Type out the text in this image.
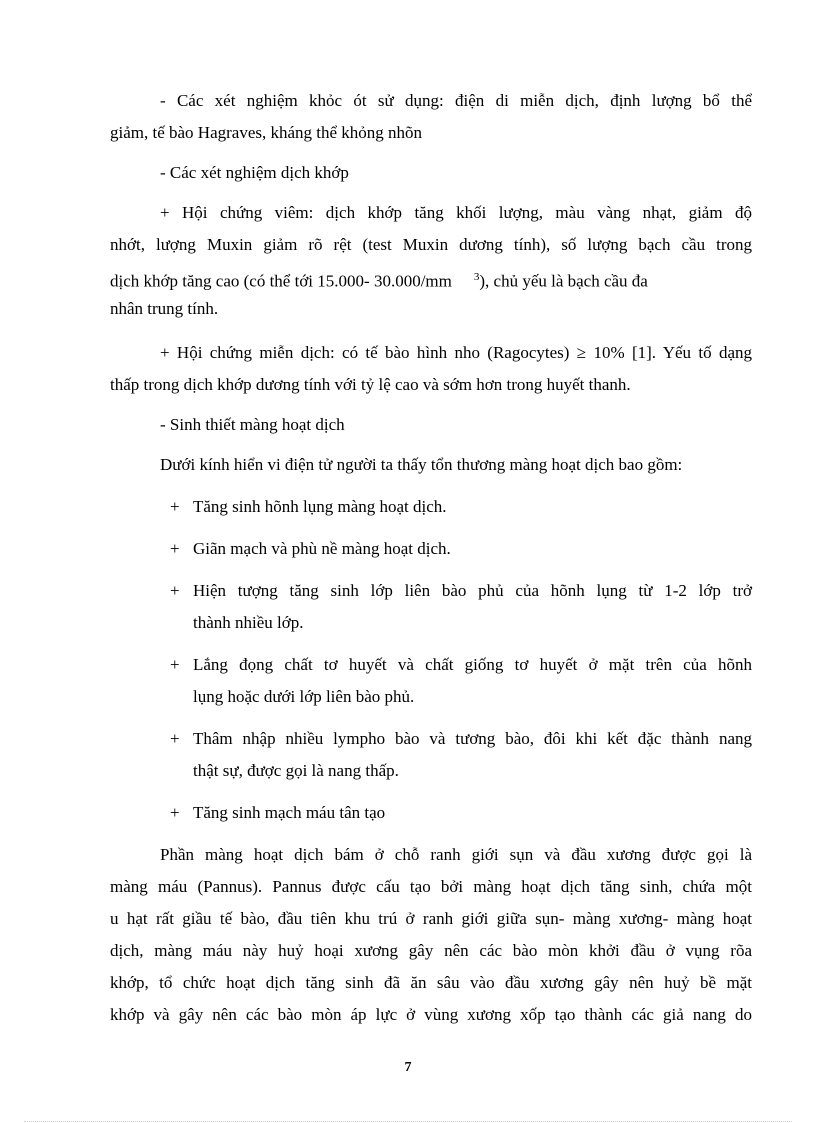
- Các xét nghiệm khỏc ót sử dụng: điện di miễn dịch, định lượng bổ thể
giảm, tế bào Hagraves, kháng thể khỏng nhõn
- Các xét nghiệm dịch khớp
+ Hội chứng viêm: dịch khớp tăng khối lượng, màu vàng nhạt, giảm độ
nhớt, lượng Muxin giảm rõ rệt (test Muxin dương tính), số lượng bạch cầu trong
dịch khớp tăng cao (có thể tới 15.000- 30.000/mm $^3$), chủ yếu là bạch cầu đa
nhân trung tính.
+ Hội chứng miễn dịch: có tế bào hình nho (Ragocytes) ≥ 10% [1]. Yếu tố dạng
thấp trong dịch khớp dương tính với tỷ lệ cao và sớm hơn trong huyết thanh.
- Sinh thiết màng hoạt dịch
Dưới kính hiển vi điện tử người ta thấy tổn thương màng hoạt dịch bao gồm:
+ Tăng sinh hõnh lụng màng hoạt dịch.
+ Giãn mạch và phù nề màng hoạt dịch.
+ Hiện tượng tăng sinh lớp liên bào phủ của hõnh lụng từ 1-2 lớp trở
thành nhiều lớp.
+ Lắng đọng chất tơ huyết và chất giống tơ huyết ở mặt trên của hõnh
lụng hoặc dưới lớp liên bào phủ.
+ Thâm nhập nhiều lympho bào và tương bào, đôi khi kết đặc thành nang
thật sự, được gọi là nang thấp.
+ Tăng sinh mạch máu tân tạo
Phần màng hoạt dịch bám ở chỗ ranh giới sụn và đầu xương được gọi là
màng máu (Pannus). Pannus được cấu tạo bởi màng hoạt dịch tăng sinh, chứa một
u hạt rất giầu tế bào, đầu tiên khu trú ở ranh giới giữa sụn- màng xương- màng hoạt
dịch, màng máu này huỷ hoại xương gây nên các bào mòn khởi đầu ở vụng rõa
khớp, tổ chức hoạt dịch tăng sinh đã ăn sâu vào đầu xương gây nên huỷ bề mặt
khớp và gây nên các bào mòn áp lực ở vùng xương xốp tạo thành các giả nang do
7
